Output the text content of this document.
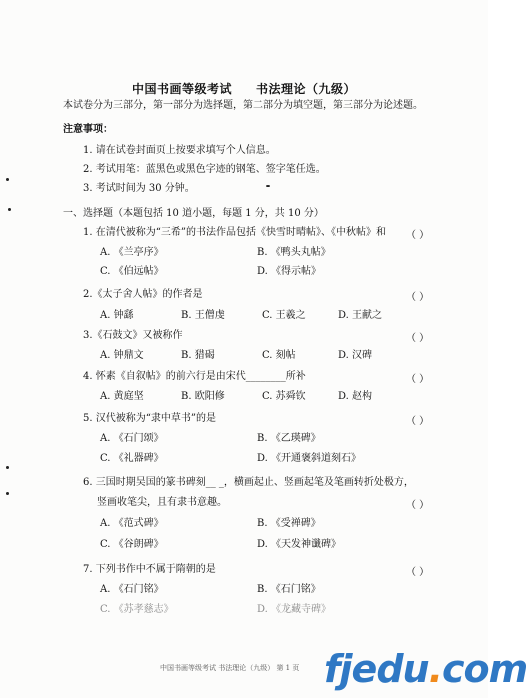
中国书画等级考试 书法理论（九级）
本试卷分为三部分，第一部分为选择题，第二部分为填空题，第三部分为论述题。
注意事项：
1. 请在试卷封面页上按要求填写个人信息。
2. 考试用笔：蓝黑色或黑色字迹的钢笔、签字笔任选。
3. 考试时间为 30 分钟。
一、选择题（本题包括 10 道小题，每题 1 分，共 10 分）
1. 在清代被称为“三希”的书法作品包括《快雪时晴帖》、《中秋帖》和 （ ）
A. 《兰亭序》	B. 《鸭头丸帖》
C. 《伯远帖》	D. 《得示帖》
2.《太子舍人帖》的作者是	（ ）
A. 钟繇	B. 王僧虔	C. 王羲之	D. 王献之
3.《石鼓文》又被称作	（ ）
A. 钟鼎文	B. 猎碣	C. 刻帖	D. 汉碑
4. 怀素《自叙帖》的前六行是由宋代________所补	（ ）
A. 黄庭坚	B. 欧阳修	C. 苏舜钦	D. 赵构
5. 汉代被称为“隶中草书”的是	（ ）
A. 《石门颂》	B. 《乙瑛碑》
C. 《礼器碑》	D. 《开通褒斜道刻石》
6. 三国时期吴国的篆书碑刻__ _，横画起止、竖画起笔及笔画转折处极方，
竖画收笔尖，且有隶书意趣。	（ ）
A. 《范式碑》	B. 《受禅碑》
C. 《谷朗碑》	D. 《天发神谶碑》
7. 下列书作中不属于隋朝的是	（ ）
A. 《石门铭》	B. 《石门铭》
C. 《苏孝慈志》	D. 《龙藏寺碑》
中国书画等级考试 书法理论（九级） 第 1 页 fjedu.com
